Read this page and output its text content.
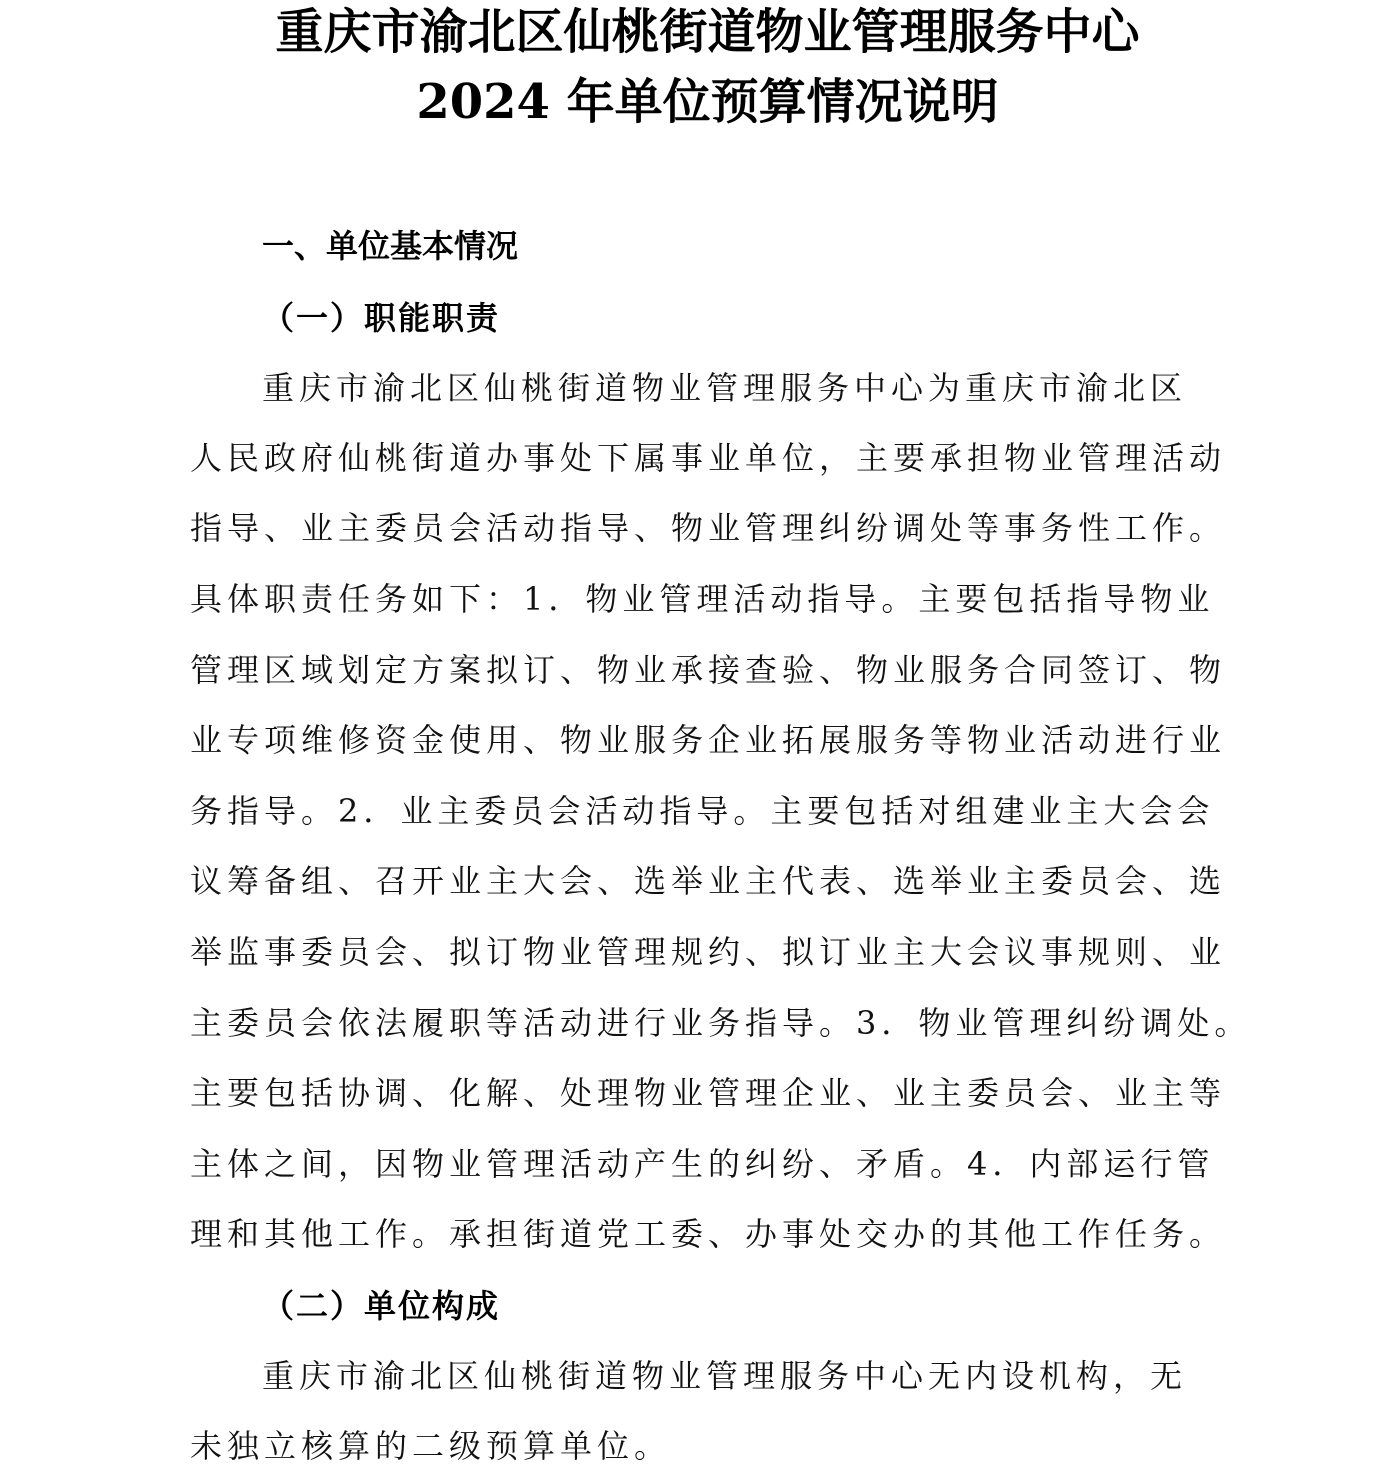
重庆市渝北区仙桃街道物业管理服务中心
2024 年单位预算情况说明
一、单位基本情况
（一）职能职责
重庆市渝北区仙桃街道物业管理服务中心为重庆市渝北区
人民政府仙桃街道办事处下属事业单位，主要承担物业管理活动
指导、业主委员会活动指导、物业管理纠纷调处等事务性工作。
具体职责任务如下：1．物业管理活动指导。主要包括指导物业
管理区域划定方案拟订、物业承接查验、物业服务合同签订、物
业专项维修资金使用、物业服务企业拓展服务等物业活动进行业
务指导。2．业主委员会活动指导。主要包括对组建业主大会会
议筹备组、召开业主大会、选举业主代表、选举业主委员会、选
举监事委员会、拟订物业管理规约、拟订业主大会议事规则、业
主委员会依法履职等活动进行业务指导。3．物业管理纠纷调处。
主要包括协调、化解、处理物业管理企业、业主委员会、业主等
主体之间，因物业管理活动产生的纠纷、矛盾。4．内部运行管
理和其他工作。承担街道党工委、办事处交办的其他工作任务。
（二）单位构成
重庆市渝北区仙桃街道物业管理服务中心无内设机构，无
未独立核算的二级预算单位。
